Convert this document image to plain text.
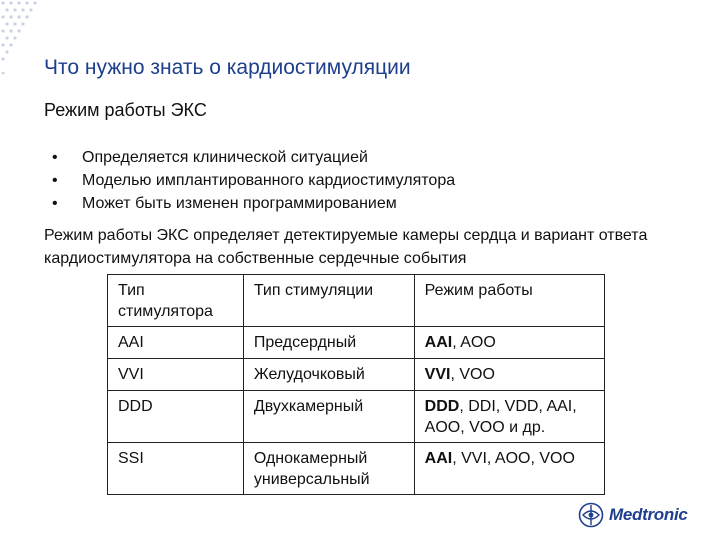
Что нужно знать о кардиостимуляции
Режим работы ЭКС
• Определяется клинической ситуацией
• Моделью имплантированного кардиостимулятора
• Может быть изменен программированием
Режим работы ЭКС определяет детектируемые камеры сердца и вариант ответа кардиостимулятора на собственные сердечные события
Тип стимулятора	Тип стимуляции	Режим работы
AAI	Предсердный	AAI, AOO
VVI	Желудочковый	VVI, VOO
DDD	Двухкамерный	DDD, DDI, VDD, AAI, AOO, VOO и др.
SSI	Однокамерный универсальный	AAI, VVI, AOO, VOO
Medtronic
